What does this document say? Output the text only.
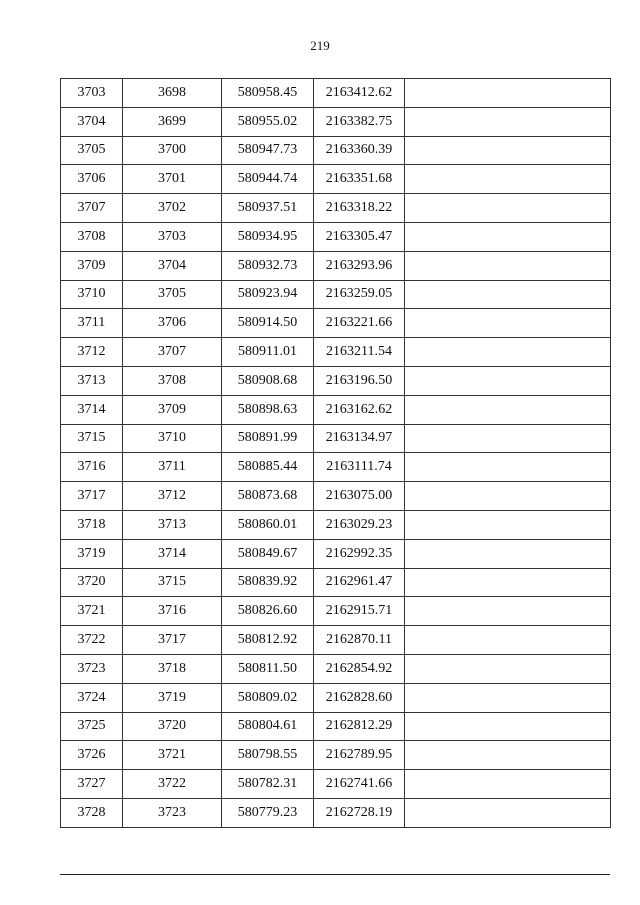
219
3703	3698	580958.45	2163412.62	
3704	3699	580955.02	2163382.75	
3705	3700	580947.73	2163360.39	
3706	3701	580944.74	2163351.68	
3707	3702	580937.51	2163318.22	
3708	3703	580934.95	2163305.47	
3709	3704	580932.73	2163293.96	
3710	3705	580923.94	2163259.05	
3711	3706	580914.50	2163221.66	
3712	3707	580911.01	2163211.54	
3713	3708	580908.68	2163196.50	
3714	3709	580898.63	2163162.62	
3715	3710	580891.99	2163134.97	
3716	3711	580885.44	2163111.74	
3717	3712	580873.68	2163075.00	
3718	3713	580860.01	2163029.23	
3719	3714	580849.67	2162992.35	
3720	3715	580839.92	2162961.47	
3721	3716	580826.60	2162915.71	
3722	3717	580812.92	2162870.11	
3723	3718	580811.50	2162854.92	
3724	3719	580809.02	2162828.60	
3725	3720	580804.61	2162812.29	
3726	3721	580798.55	2162789.95	
3727	3722	580782.31	2162741.66	
3728	3723	580779.23	2162728.19	
